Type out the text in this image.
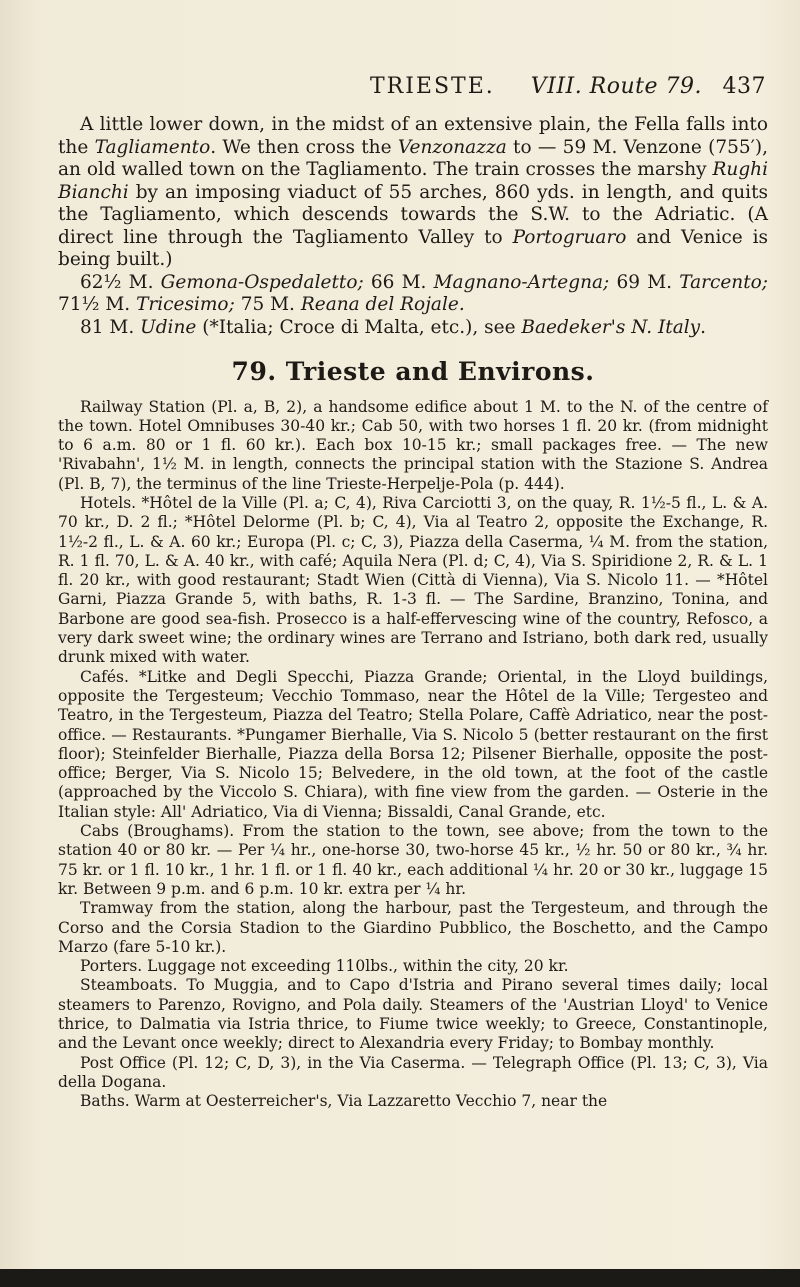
TRIESTE. VIII. Route 79. 437

A little lower down, in the midst of an extensive plain, the Fella falls into the Tagliamento. We then cross the Venzonazza to — 59 M. Venzone (755′), an old walled town on the Tagliamento. The train crosses the marshy Rughi Bianchi by an imposing viaduct of 55 arches, 860 yds. in length, and quits the Tagliamento, which descends towards the S.W. to the Adriatic. (A direct line through the Tagliamento Valley to Portogruaro and Venice is being built.)

62½ M. Gemona-Ospedaletto; 66 M. Magnano-Artegna; 69 M. Tarcento; 71½ M. Tricesimo; 75 M. Reana del Rojale.

81 M. Udine (*Italia; Croce di Malta, etc.), see Baedeker's N. Italy.

79. Trieste and Environs.

Railway Station (Pl. a, B, 2), a handsome edifice about 1 M. to the N. of the centre of the town. Hotel Omnibuses 30-40 kr.; Cab 50, with two horses 1 fl. 20 kr. (from midnight to 6 a.m. 80 or 1 fl. 60 kr.). Each box 10-15 kr.; small packages free. — The new 'Rivabahn', 1½ M. in length, connects the principal station with the Stazione S. Andrea (Pl. B, 7), the terminus of the line Trieste-Herpelje-Pola (p. 444).

Hotels. *Hôtel de la Ville (Pl. a; C, 4), Riva Carciotti 3, on the quay, R. 1½-5 fl., L. & A. 70 kr., D. 2 fl.; *Hôtel Delorme (Pl. b; C, 4), Via al Teatro 2, opposite the Exchange, R. 1½-2 fl., L. & A. 60 kr.; Europa (Pl. c; C, 3), Piazza della Caserma, ¼ M. from the station, R. 1 fl. 70, L. & A. 40 kr., with café; Aquila Nera (Pl. d; C, 4), Via S. Spiridione 2, R. & L. 1 fl. 20 kr., with good restaurant; Stadt Wien (Città di Vienna), Via S. Nicolo 11. — *Hôtel Garni, Piazza Grande 5, with baths, R. 1-3 fl. — The Sardine, Branzino, Tonina, and Barbone are good sea-fish. Prosecco is a half-effervescing wine of the country, Refosco, a very dark sweet wine; the ordinary wines are Terrano and Istriano, both dark red, usually drunk mixed with water.

Cafés. *Litke and Degli Specchi, Piazza Grande; Oriental, in the Lloyd buildings, opposite the Tergesteum; Vecchio Tommaso, near the Hôtel de la Ville; Tergesteo and Teatro, in the Tergesteum, Piazza del Teatro; Stella Polare, Caffè Adriatico, near the post-office. — Restaurants. *Pungamer Bierhalle, Via S. Nicolo 5 (better restaurant on the first floor); Steinfelder Bierhalle, Piazza della Borsa 12; Pilsener Bierhalle, opposite the post-office; Berger, Via S. Nicolo 15; Belvedere, in the old town, at the foot of the castle (approached by the Viccolo S. Chiara), with fine view from the garden. — Osterie in the Italian style: All' Adriatico, Via di Vienna; Bissaldi, Canal Grande, etc.

Cabs (Broughams). From the station to the town, see above; from the town to the station 40 or 80 kr. — Per ¼ hr., one-horse 30, two-horse 45 kr., ½ hr. 50 or 80 kr., ¾ hr. 75 kr. or 1 fl. 10 kr., 1 hr. 1 fl. or 1 fl. 40 kr., each additional ¼ hr. 20 or 30 kr., luggage 15 kr. Between 9 p.m. and 6 p.m. 10 kr. extra per ¼ hr.

Tramway from the station, along the harbour, past the Tergesteum, and through the Corso and the Corsia Stadion to the Giardino Pubblico, the Boschetto, and the Campo Marzo (fare 5-10 kr.).

Porters. Luggage not exceeding 110lbs., within the city, 20 kr.

Steamboats. To Muggia, and to Capo d'Istria and Pirano several times daily; local steamers to Parenzo, Rovigno, and Pola daily. Steamers of the 'Austrian Lloyd' to Venice thrice, to Dalmatia via Istria thrice, to Fiume twice weekly; to Greece, Constantinople, and the Levant once weekly; direct to Alexandria every Friday; to Bombay monthly.

Post Office (Pl. 12; C, D, 3), in the Via Caserma. — Telegraph Office (Pl. 13; C, 3), Via della Dogana.

Baths. Warm at Oesterreicher's, Via Lazzaretto Vecchio 7, near the
